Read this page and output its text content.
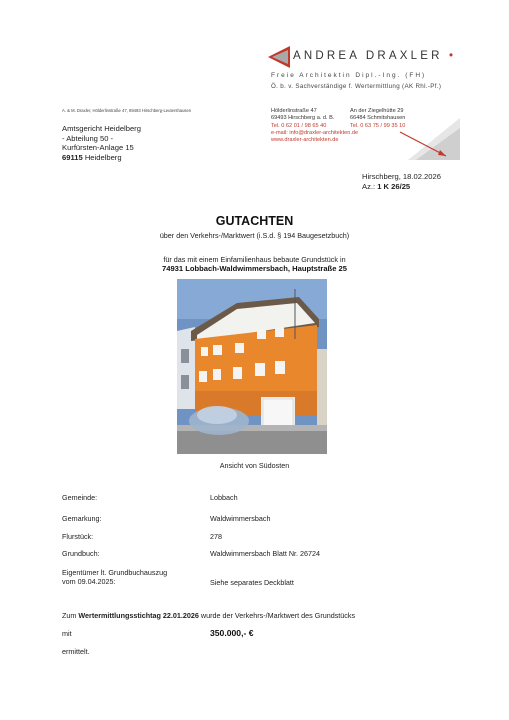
ANDREA DRAXLER •
Freie Architektin Dipl.-Ing. (FH)
Ö. b. v. Sachverständige f. Wertermittlung (AK Rhl.-Pf.)
A. & M. Draxler, Hölderlinstraße 47, 69493 Hirschberg-Leutershausen
Amtsgericht Heidelberg
- Abteilung 50 -
Kurfürsten-Anlage 15
69115 Heidelberg
Hölderlinstraße 47
69493 Hirschberg a. d. B.
Tel. 0 62 01 / 98 65 40
e-mail: info@draxler-architekten.de
www.draxler-architekten.de
An der Ziegelhütte 29
66484 Schmitshausen
Tel. 0 63 75 / 99 35 10
Hirschberg, 18.02.2026
Az.: 1 K 26/25
GUTACHTEN
über den Verkehrs-/Marktwert (i.S.d. § 194 Baugesetzbuch)
für das mit einem Einfamilienhaus bebaute Grundstück in
74931 Lobbach-Waldwimmersbach, Hauptstraße 25
Ansicht von Südosten
Gemeinde:	Lobbach
Gemarkung:	Waldwimmersbach
Flurstück:	278
Grundbuch:	Waldwimmersbach Blatt Nr. 26724
Eigentümer lt. Grundbuchauszug
vom 09.04.2025:	Siehe separates Deckblatt
Zum Wertermittlungsstichtag 22.01.2026 wurde der Verkehrs-/Marktwert des Grundstücks
mit	350.000,- €
ermittelt.
